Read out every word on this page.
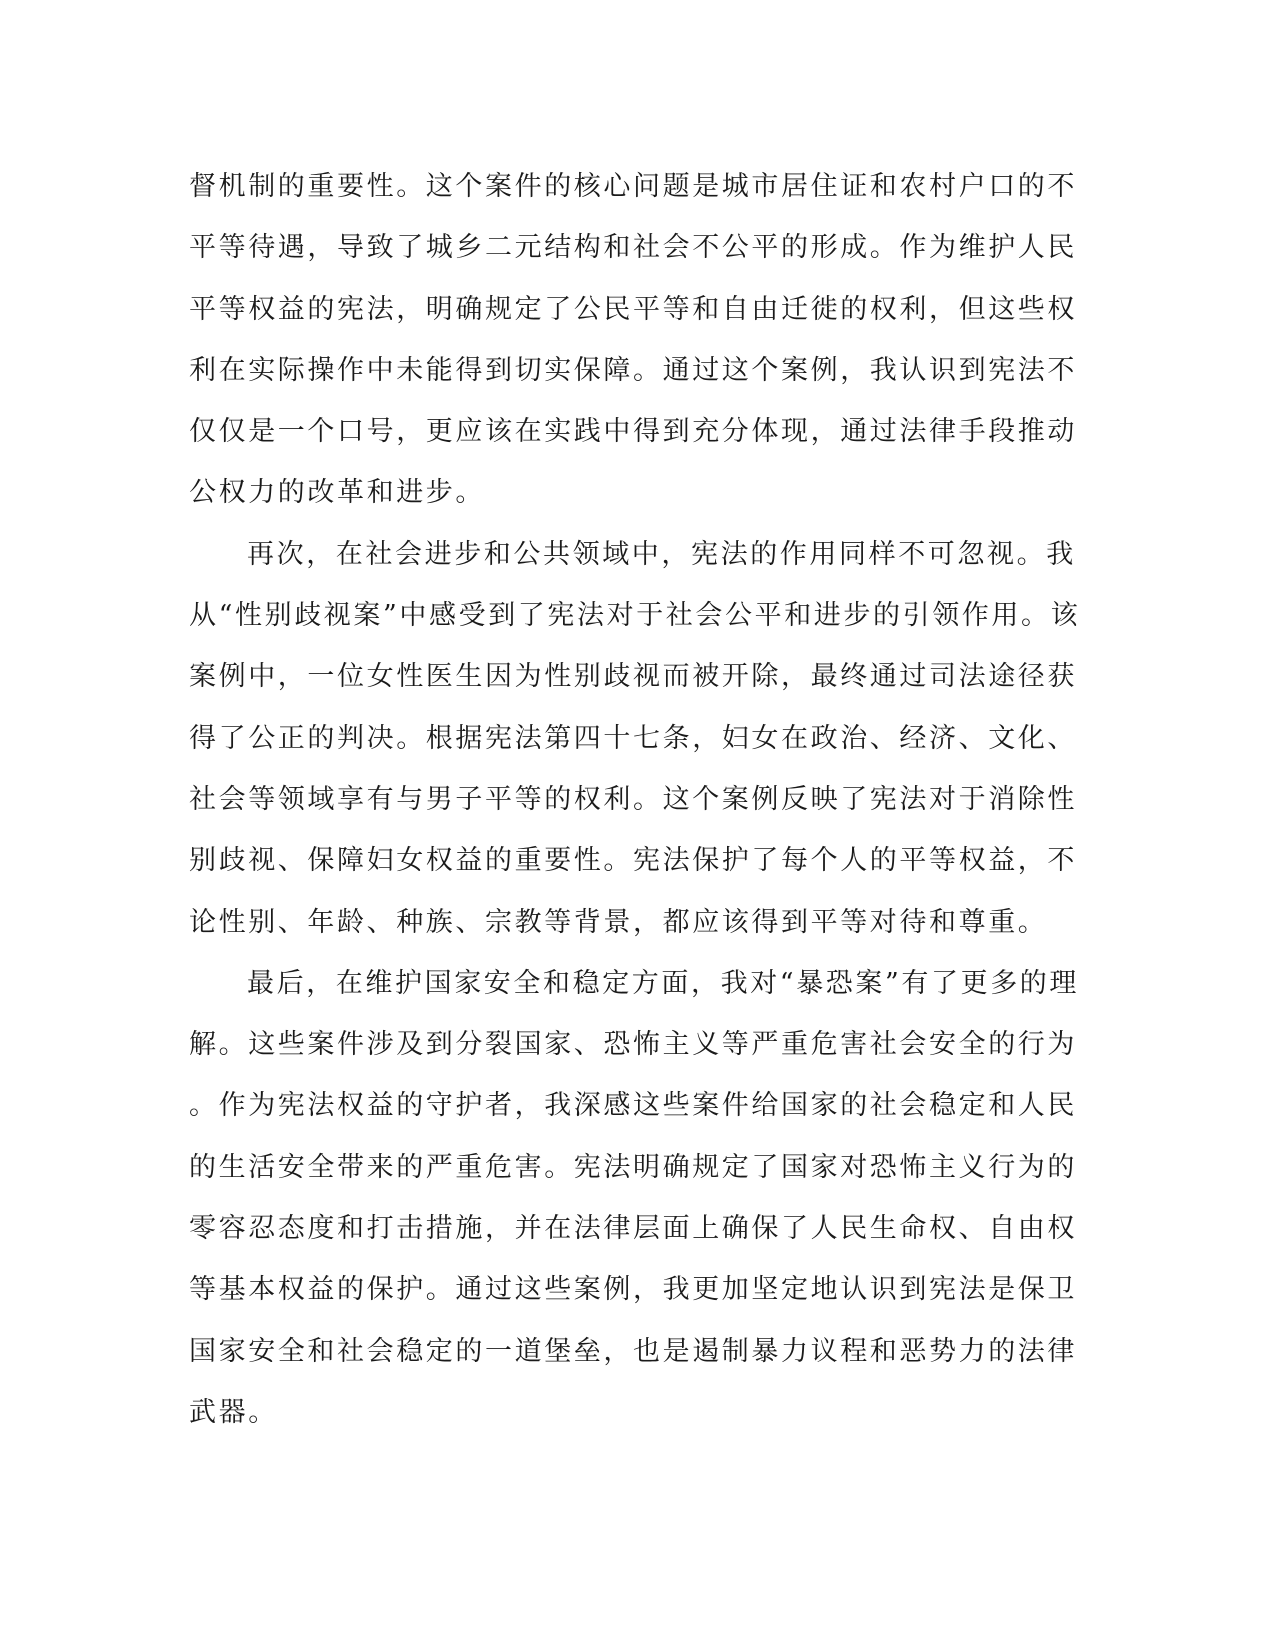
督机制的重要性。这个案件的核心问题是城市居住证和农村户口的不
平等待遇，导致了城乡二元结构和社会不公平的形成。作为维护人民
平等权益的宪法，明确规定了公民平等和自由迁徙的权利，但这些权
利在实际操作中未能得到切实保障。通过这个案例，我认识到宪法不
仅仅是一个口号，更应该在实践中得到充分体现，通过法律手段推动
公权力的改革和进步。
再次，在社会进步和公共领域中，宪法的作用同样不可忽视。我
从“性别歧视案”中感受到了宪法对于社会公平和进步的引领作用。该
案例中，一位女性医生因为性别歧视而被开除，最终通过司法途径获
得了公正的判决。根据宪法第四十七条，妇女在政治、经济、文化、
社会等领域享有与男子平等的权利。这个案例反映了宪法对于消除性
别歧视、保障妇女权益的重要性。宪法保护了每个人的平等权益，不
论性别、年龄、种族、宗教等背景，都应该得到平等对待和尊重。
最后，在维护国家安全和稳定方面，我对“暴恐案”有了更多的理
解。这些案件涉及到分裂国家、恐怖主义等严重危害社会安全的行为
。作为宪法权益的守护者，我深感这些案件给国家的社会稳定和人民
的生活安全带来的严重危害。宪法明确规定了国家对恐怖主义行为的
零容忍态度和打击措施，并在法律层面上确保了人民生命权、自由权
等基本权益的保护。通过这些案例，我更加坚定地认识到宪法是保卫
国家安全和社会稳定的一道堡垒，也是遏制暴力议程和恶势力的法律
武器。
